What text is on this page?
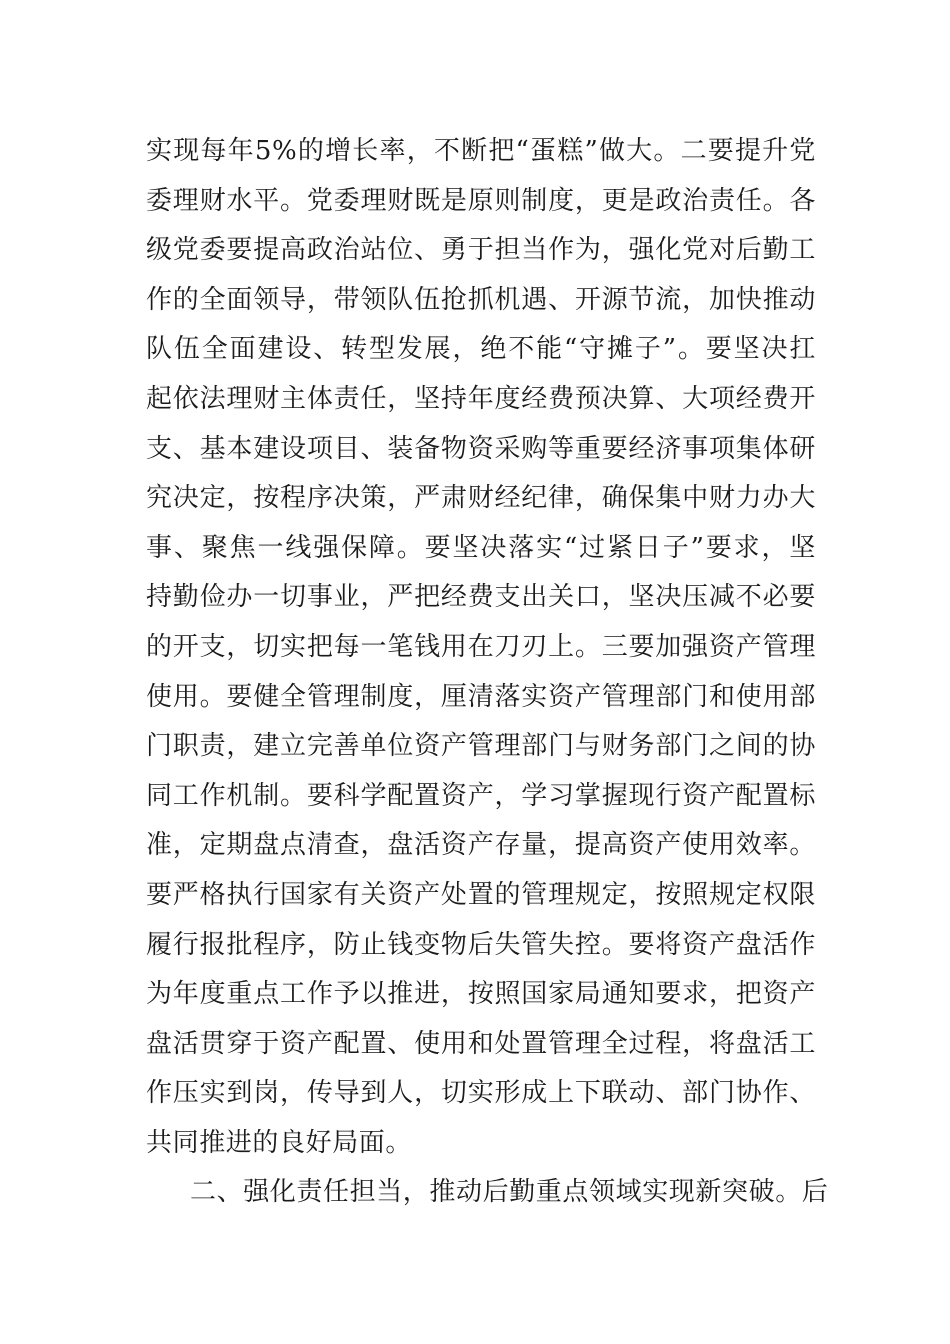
实现每年5%的增长率，不断把“蛋糕”做大。二要提升党
委理财水平。党委理财既是原则制度，更是政治责任。各
级党委要提高政治站位、勇于担当作为，强化党对后勤工
作的全面领导，带领队伍抢抓机遇、开源节流，加快推动
队伍全面建设、转型发展，绝不能“守摊子”。要坚决扛
起依法理财主体责任，坚持年度经费预决算、大项经费开
支、基本建设项目、装备物资采购等重要经济事项集体研
究决定，按程序决策，严肃财经纪律，确保集中财力办大
事、聚焦一线强保障。要坚决落实“过紧日子”要求，坚
持勤俭办一切事业，严把经费支出关口，坚决压减不必要
的开支，切实把每一笔钱用在刀刃上。三要加强资产管理
使用。要健全管理制度，厘清落实资产管理部门和使用部
门职责，建立完善单位资产管理部门与财务部门之间的协
同工作机制。要科学配置资产，学习掌握现行资产配置标
准，定期盘点清查，盘活资产存量，提高资产使用效率。
要严格执行国家有关资产处置的管理规定，按照规定权限
履行报批程序，防止钱变物后失管失控。要将资产盘活作
为年度重点工作予以推进，按照国家局通知要求，把资产
盘活贯穿于资产配置、使用和处置管理全过程，将盘活工
作压实到岗，传导到人，切实形成上下联动、部门协作、
共同推进的良好局面。
二、强化责任担当，推动后勤重点领域实现新突破。后
